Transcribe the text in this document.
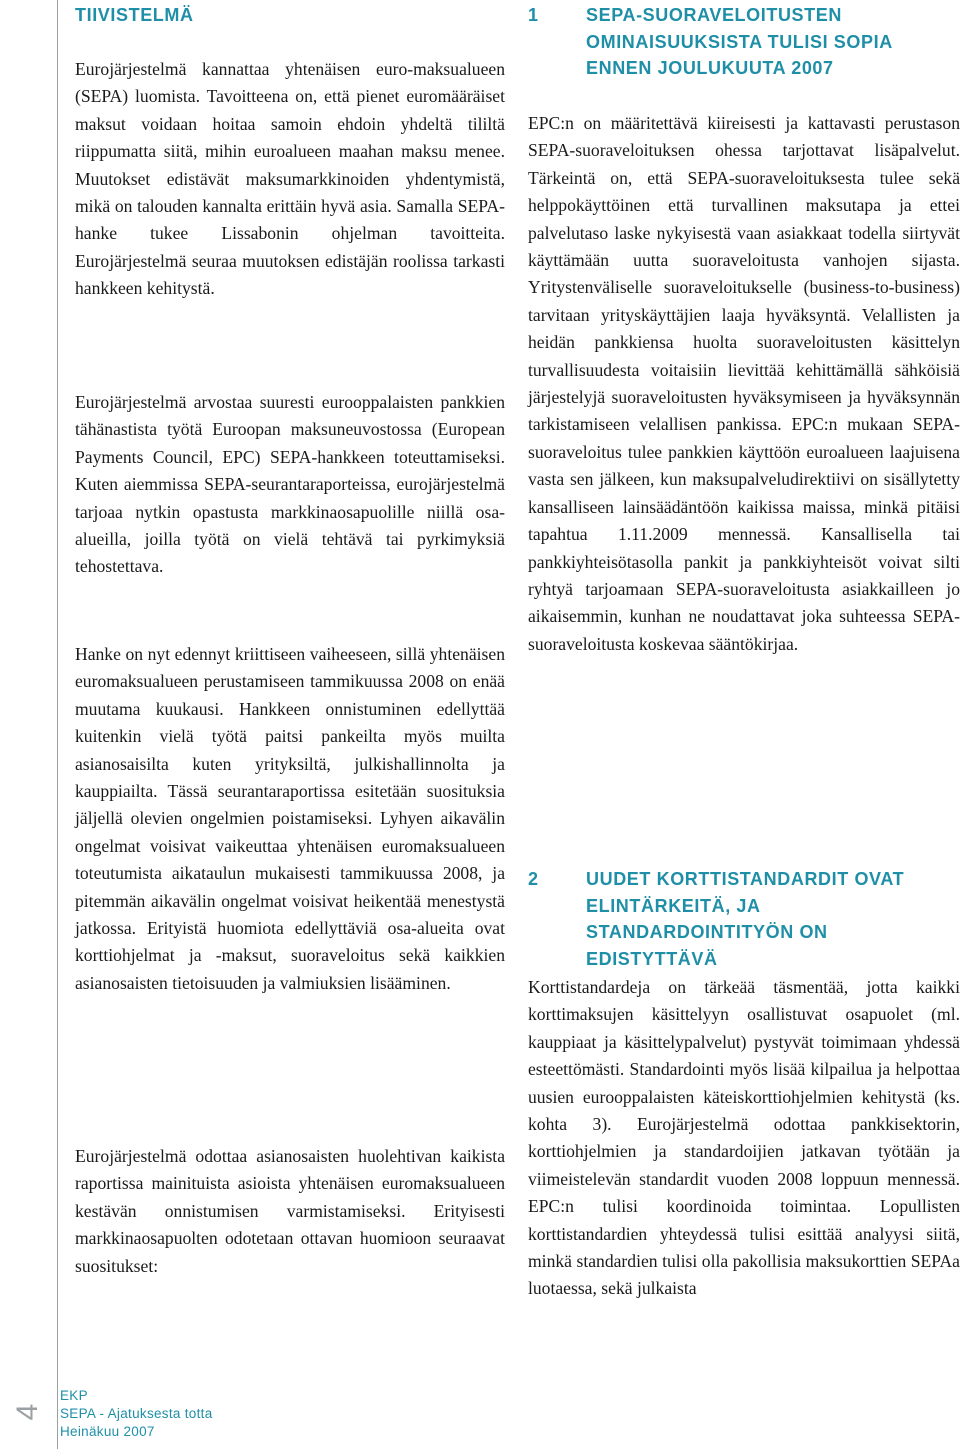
TIIVISTELMÄ

Eurojärjestelmä kannattaa yhtenäisen euro-maksualueen (SEPA) luomista. Tavoitteena on, että pienet euromääräiset maksut voidaan hoitaa samoin ehdoin yhdeltä tililtä riippumatta siitä, mihin euroalueen maahan maksu menee. Muutokset edistävät maksumarkkinoiden yhdentymistä, mikä on talouden kannalta erittäin hyvä asia. Samalla SEPA-hanke tukee Lissabonin ohjelman tavoitteita. Eurojärjestelmä seuraa muutoksen edistäjän roolissa tarkasti hankkeen kehitystä.

Eurojärjestelmä arvostaa suuresti eurooppalaisten pankkien tähänastista työtä Euroopan maksuneuvostossa (European Payments Council, EPC) SEPA-hankkeen toteuttamiseksi. Kuten aiemmissa SEPA-seurantaraporteissa, eurojärjestelmä tarjoaa nytkin opastusta markkinaosapuolille niillä osa-alueilla, joilla työtä on vielä tehtävä tai pyrkimyksiä tehostettava.

Hanke on nyt edennyt kriittiseen vaiheeseen, sillä yhtenäisen euromaksualueen perustamiseen tammikuussa 2008 on enää muutama kuukausi. Hankkeen onnistuminen edellyttää kuitenkin vielä työtä paitsi pankeilta myös muilta asianosaisilta kuten yrityksiltä, julkishallinnolta ja kauppiailta. Tässä seurantaraportissa esitetään suosituksia jäljellä olevien ongelmien poistamiseksi. Lyhyen aikavälin ongelmat voisivat vaikeuttaa yhtenäisen euromaksualueen toteutumista aikataulun mukaisesti tammikuussa 2008, ja pitemmän aikavälin ongelmat voisivat heikentää menestystä jatkossa. Erityistä huomiota edellyttäviä osa-alueita ovat korttiohjelmat ja -maksut, suoraveloitus sekä kaikkien asianosaisten tietoisuuden ja valmiuksien lisääminen.

Eurojärjestelmä odottaa asianosaisten huolehtivan kaikista raportissa mainituista asioista yhtenäisen euromaksualueen kestävän onnistumisen varmistamiseksi. Erityisesti markkinaosapuolten odotetaan ottavan huomioon seuraavat suositukset:

1	SEPA-SUORAVELOITUSTEN OMINAISUUKSISTA TULISI SOPIA ENNEN JOULUKUUTA 2007

EPC:n on määritettävä kiireisesti ja kattavasti perustason SEPA-suoraveloituksen ohessa tarjottavat lisäpalvelut. Tärkeintä on, että SEPA-suoraveloituksesta tulee sekä helppokäyttöinen että turvallinen maksutapa ja ettei palvelutaso laske nykyisestä vaan asiakkaat todella siirtyvät käyttämään uutta suoraveloitusta vanhojen sijasta. Yritystenväliselle suoraveloitukselle (business-to-business) tarvitaan yrityskäyttäjien laaja hyväksyntä. Velallisten ja heidän pankkiensa huolta suoraveloitusten käsittelyn turvallisuudesta voitaisiin lievittää kehittämällä sähköisiä järjestelyjä suoraveloitusten hyväksymiseen ja hyväksynnän tarkistamiseen velallisen pankissa. EPC:n mukaan SEPA-suoraveloitus tulee pankkien käyttöön euroalueen laajuisena vasta sen jälkeen, kun maksupalveludirektiivi on sisällytetty kansalliseen lainsäädäntöön kaikissa maissa, minkä pitäisi tapahtua 1.11.2009 mennessä. Kansallisella tai pankkiyhteisötasolla pankit ja pankkiyhteisöt voivat silti ryhtyä tarjoamaan SEPA-suoraveloitusta asiakkailleen jo aikaisemmin, kunhan ne noudattavat joka suhteessa SEPA-suoraveloitusta koskevaa sääntökirjaa.

2	UUDET KORTTISTANDARDIT OVAT ELINTÄRKEITÄ, JA STANDARDOINTITYÖN ON EDISTYTTÄVÄ

Korttistandardeja on tärkeää täsmentää, jotta kaikki korttimaksujen käsittelyyn osallistuvat osapuolet (ml. kauppiaat ja käsittelypalvelut) pystyvät toimimaan yhdessä esteettömästi. Standardointi myös lisää kilpailua ja helpottaa uusien eurooppalaisten käteiskorttiohjelmien kehitystä (ks. kohta 3). Eurojärjestelmä odottaa pankkisektorin, korttiohjelmien ja standardoijien jatkavan työtään ja viimeistelevän standardit vuoden 2008 loppuun mennessä. EPC:n tulisi koordinoida toimintaa. Lopullisten korttistandardien yhteydessä tulisi esittää analyysi siitä, minkä standardien tulisi olla pakollisia maksukorttien SEPAa luotaessa, sekä julkaista

4
EKP
SEPA - Ajatuksesta totta
Heinäkuu 2007
